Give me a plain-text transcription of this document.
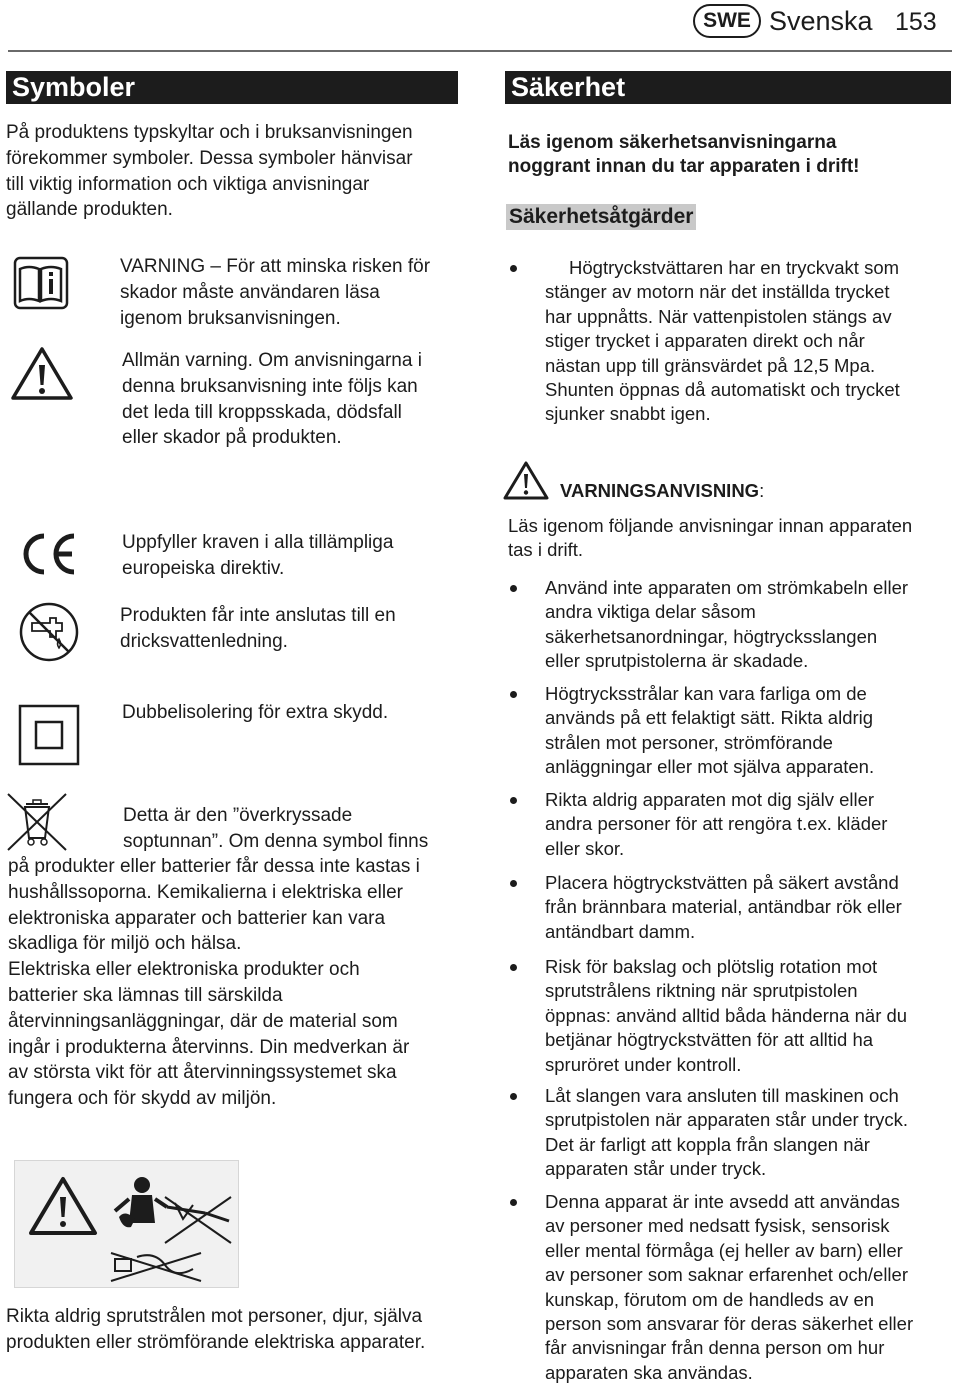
SWE Svenska 153
Symboler
På produktens typskyltar och i bruksanvisningen
förekommer symboler. Dessa symboler hänvisar
till viktig information och viktiga anvisningar
gällande produkten.
VARNING – För att minska risken för
skador måste användaren läsa
igenom bruksanvisningen.
Allmän varning. Om anvisningarna i
denna bruksanvisning inte följs kan
det leda till kroppsskada, dödsfall
eller skador på produkten.
Uppfyller kraven i alla tillämpliga
europeiska direktiv.
Produkten får inte anslutas till en
dricksvattenledning.
Dubbelisolering för extra skydd.
Detta är den ”överkryssade
soptunnan”. Om denna symbol finns
på produkter eller batterier får dessa inte kastas i
hushållssoporna. Kemikalierna i elektriska eller
elektroniska apparater och batterier kan vara
skadliga för miljö och hälsa.
Elektriska eller elektroniska produkter och
batterier ska lämnas till särskilda
återvinningsanläggningar, där de material som
ingår i produkterna återvinns. Din medverkan är
av största vikt för att återvinningssystemet ska
fungera och för skydd av miljön.
Rikta aldrig sprutstrålen mot personer, djur, själva
produkten eller strömförande elektriska apparater.
Säkerhet
Läs igenom säkerhetsanvisningarna
noggrant innan du tar apparaten i drift!
Säkerhetsåtgärder
Högtryckstvättaren har en tryckvakt som
stänger av motorn när det inställda trycket
har uppnåtts. När vattenpistolen stängs av
stiger trycket i apparaten direkt och når
nästan upp till gränsvärdet på 12,5 Mpa.
Shunten öppnas då automatiskt och trycket
sjunker snabbt igen.
VARNINGSANVISNING:
Läs igenom följande anvisningar innan apparaten
tas i drift.
Använd inte apparaten om strömkabeln eller
andra viktiga delar såsom
säkerhetsanordningar, högtrycksslangen
eller sprutpistolerna är skadade.
Högtrycksstrålar kan vara farliga om de
används på ett felaktigt sätt. Rikta aldrig
strålen mot personer, strömförande
anläggningar eller mot själva apparaten.
Rikta aldrig apparaten mot dig själv eller
andra personer för att rengöra t.ex. kläder
eller skor.
Placera högtryckstvätten på säkert avstånd
från brännbara material, antändbar rök eller
antändbart damm.
Risk för bakslag och plötslig rotation mot
sprutstrålens riktning när sprutpistolen
öppnas: använd alltid båda händerna när du
betjänar högtryckstvätten för att alltid ha
spruröret under kontroll.
Låt slangen vara ansluten till maskinen och
sprutpistolen när apparaten står under tryck.
Det är farligt att koppla från slangen när
apparaten står under tryck.
Denna apparat är inte avsedd att användas
av personer med nedsatt fysisk, sensorisk
eller mental förmåga (ej heller av barn) eller
av personer som saknar erfarenhet och/eller
kunskap, förutom om de handleds av en
person som ansvarar för deras säkerhet eller
får anvisningar från denna person om hur
apparaten ska användas.
